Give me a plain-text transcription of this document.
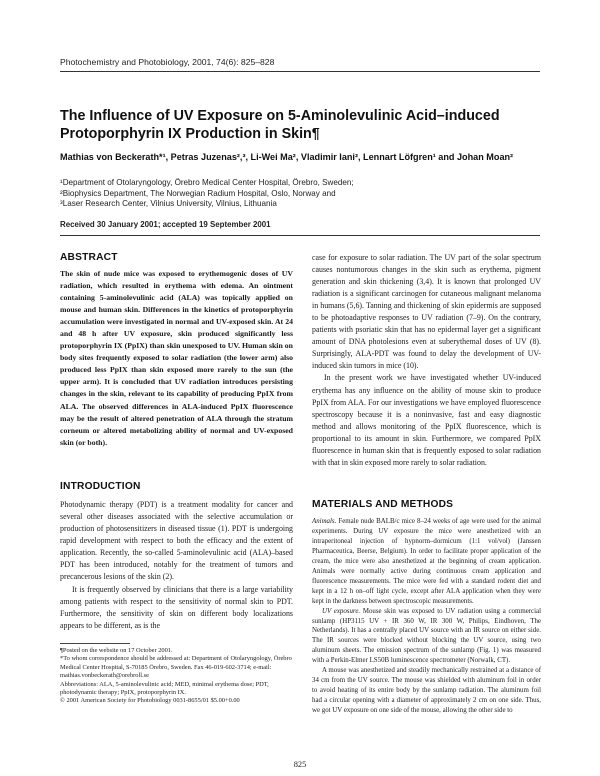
Photochemistry and Photobiology, 2001, 74(6): 825–828
The Influence of UV Exposure on 5-Aminolevulinic Acid–induced Protoporphyrin IX Production in Skin¶
Mathias von Beckerath*¹, Petras Juzenas²,³, Li-Wei Ma², Vladimir Iani², Lennart Löfgren¹ and Johan Moan²
¹Department of Otolaryngology, Örebro Medical Center Hospital, Örebro, Sweden;
²Biophysics Department, The Norwegian Radium Hospital, Oslo, Norway and
³Laser Research Center, Vilnius University, Vilnius, Lithuania
Received 30 January 2001; accepted 19 September 2001
ABSTRACT

The skin of nude mice was exposed to erythemogenic doses of UV radiation, which resulted in erythema with edema. An ointment containing 5-aminolevulinic acid (ALA) was topically applied on mouse and human skin. Differences in the kinetics of protoporphyrin accumulation were investigated in normal and UV-exposed skin. At 24 and 48 h after UV exposure, skin produced significantly less protoporphyrin IX (PpIX) than skin unexposed to UV. Human skin on body sites frequently exposed to solar radiation (the lower arm) also produced less PpIX than skin exposed more rarely to the sun (the upper arm). It is concluded that UV radiation introduces persisting changes in the skin, relevant to its capability of producing PpIX from ALA. The observed differences in ALA-induced PpIX fluorescence may be the result of altered penetration of ALA through the stratum corneum or altered metabolizing ability of normal and UV-exposed skin (or both).

INTRODUCTION

Photodynamic therapy (PDT) is a treatment modality for cancer and several other diseases associated with the selective accumulation or production of photosensitizers in diseased tissue (1). PDT is undergoing rapid development with respect to both the efficacy and the extent of application. Recently, the so-called 5-aminolevulinic acid (ALA)–based PDT has been introduced, notably for the treatment of tumors and precancerous lesions of the skin (2).

It is frequently observed by clinicians that there is a large variability among patients with respect to the sensitivity of normal skin to PDT. Furthermore, the sensitivity of skin on different body localizations appears to be different, as is the

¶Posted on the website on 17 October 2001.
*To whom correspondence should be addressed at: Department of Otolaryngology, Örebro Medical Center Hospital, S-70185 Örebro, Sweden. Fax 46-019-602-3714; e-mail: mathias.vonbeckerath@orebroll.se
Abbreviations: ALA, 5-aminolevulinic acid; MED, minimal erythema dose; PDT, photodynamic therapy; PpIX, protoporphyrin IX.
© 2001 American Society for Photobiology 0031-8655/01 $5.00+0.00

case for exposure to solar radiation. The UV part of the solar spectrum causes nontumorous changes in the skin such as erythema, pigment generation and skin thickening (3,4). It is known that prolonged UV radiation is a significant carcinogen for cutaneous malignant melanoma in humans (5,6). Tanning and thickening of skin epidermis are supposed to be photoadaptive responses to UV radiation (7–9). On the contrary, patients with psoriatic skin that has no epidermal layer get a significant amount of DNA photolesions even at suberythemal doses of UV (8). Surprisingly, ALA-PDT was found to delay the development of UV-induced skin tumors in mice (10).

In the present work we have investigated whether UV-induced erythema has any influence on the ability of mouse skin to produce PpIX from ALA. For our investigations we have employed fluorescence spectroscopy because it is a noninvasive, fast and easy diagnostic method and allows monitoring of the PpIX fluorescence, which is proportional to its amount in skin. Furthermore, we compared PpIX fluorescence in human skin that is frequently exposed to solar radiation with that in skin exposed more rarely to solar radiation.

MATERIALS AND METHODS

Animals. Female nude BALB/c mice 8–24 weeks of age were used for the animal experiments. During UV exposure the mice were anesthetized with an intraperitoneal injection of hypnorm–dormicum (1:1 vol/vol) (Janssen Pharmaceutica, Beerse, Belgium). In order to facilitate proper application of the cream, the mice were also anesthetized at the beginning of cream application. Animals were normally active during continuous cream application and fluorescence measurements. The mice were fed with a standard rodent diet and kept in a 12 h on–off light cycle, except after ALA application when they were kept in the darkness between spectroscopic measurements.

UV exposure. Mouse skin was exposed to UV radiation using a commercial sunlamp (HP3115 UV + IR 360 W, IR 300 W, Philips, Eindhoven, The Netherlands). It has a centrally placed UV source with an IR source on either side. The IR sources were blocked without blocking the UV source, using two aluminum sheets. The emission spectrum of the sunlamp (Fig. 1) was measured with a Perkin-Elmer LS50B luminescence spectrometer (Norwalk, CT).

A mouse was anesthetized and steadily mechanically restrained at a distance of 34 cm from the UV source. The mouse was shielded with aluminum foil in order to avoid heating of its entire body by the sunlamp radiation. The aluminum foil had a circular opening with a diameter of approximately 2 cm on one side. Thus, we got UV exposure on one side of the mouse, allowing the other side to

825
